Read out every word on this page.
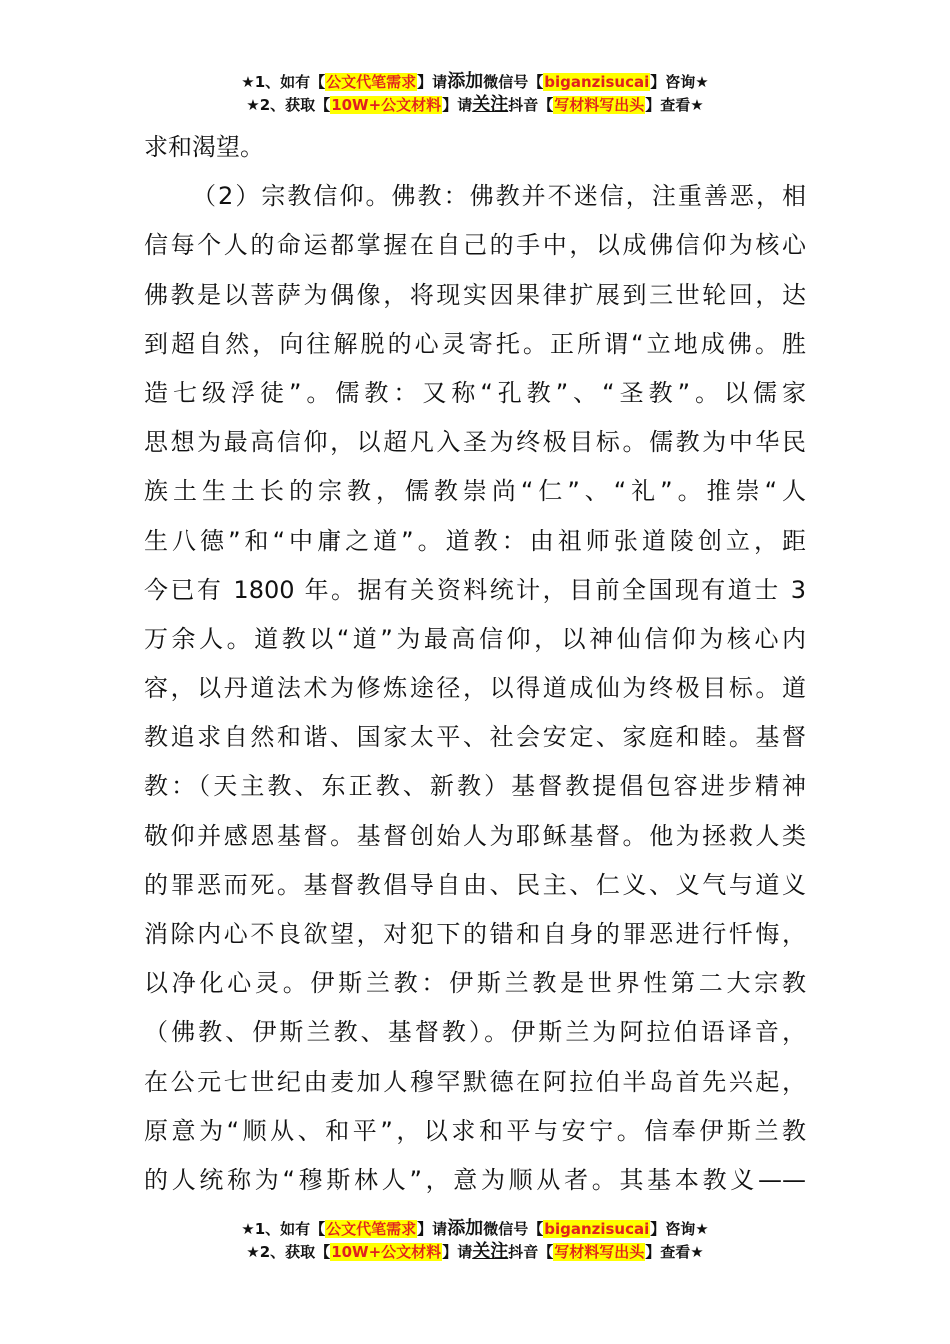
★1、如有【公文代笔需求】请添加微信号【biganzisucai】咨询★
★2、获取【10W+公文材料】请关注抖音【写材料写出头】查看★
求和渴望。
（2）宗教信仰。佛教：佛教并不迷信，注重善恶，相
信每个人的命运都掌握在自己的手中，以成佛信仰为核心
佛教是以菩萨为偶像，将现实因果律扩展到三世轮回，达
到超自然，向往解脱的心灵寄托。正所谓“立地成佛。胜
造七级浮徒”。儒教：又称“孔教”、“圣教”。以儒家
思想为最高信仰，以超凡入圣为终极目标。儒教为中华民
族土生土长的宗教，儒教崇尚“仁”、“礼”。推崇“人
生八德”和“中庸之道”。道教：由祖师张道陵创立，距
今已有 1800 年。据有关资料统计，目前全国现有道士 3
万余人。道教以“道”为最高信仰，以神仙信仰为核心内
容，以丹道法术为修炼途径，以得道成仙为终极目标。道
教追求自然和谐、国家太平、社会安定、家庭和睦。基督
教：（天主教、东正教、新教）基督教提倡包容进步精神
敬仰并感恩基督。基督创始人为耶稣基督。他为拯救人类
的罪恶而死。基督教倡导自由、民主、仁义、义气与道义
消除内心不良欲望，对犯下的错和自身的罪恶进行忏悔，
以净化心灵。伊斯兰教：伊斯兰教是世界性第二大宗教
（佛教、伊斯兰教、基督教）。伊斯兰为阿拉伯语译音，
在公元七世纪由麦加人穆罕默德在阿拉伯半岛首先兴起，
原意为“顺从、和平”，以求和平与安宁。信奉伊斯兰教
的人统称为“穆斯林人”，意为顺从者。其基本教义——
★1、如有【公文代笔需求】请添加微信号【biganzisucai】咨询★
★2、获取【10W+公文材料】请关注抖音【写材料写出头】查看★
